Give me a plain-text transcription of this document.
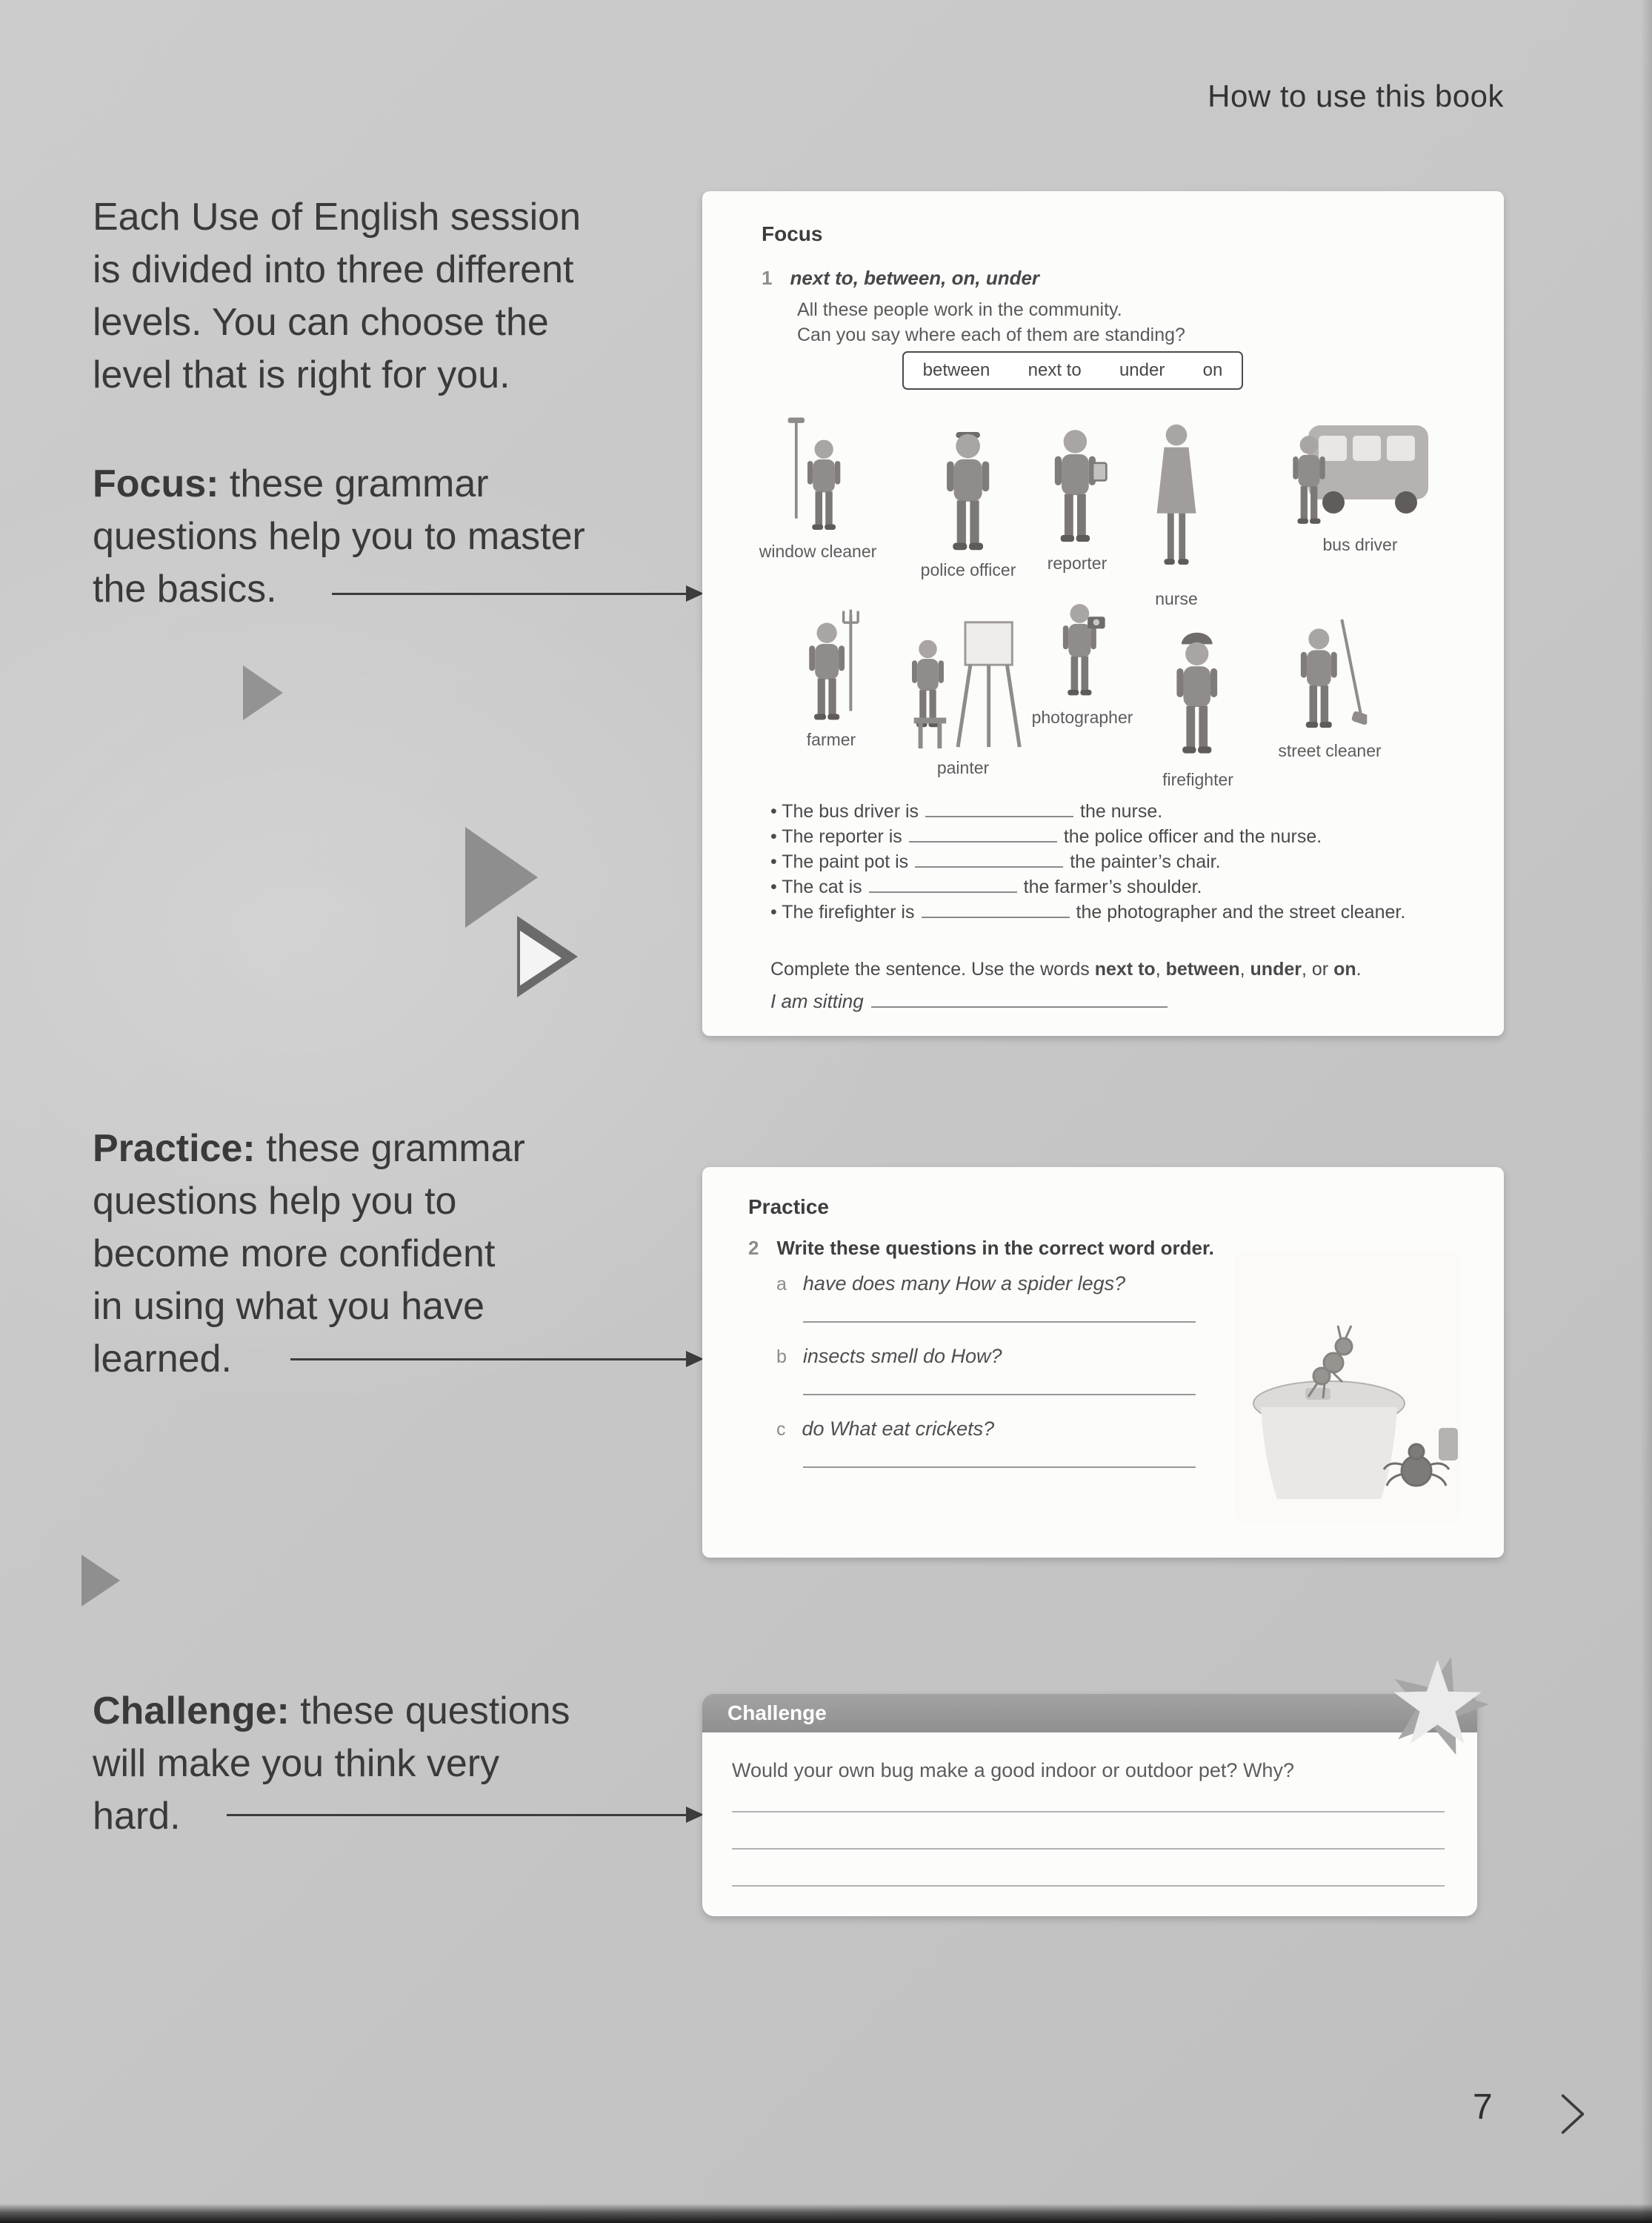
How to use this book
Each Use of English session
is divided into three different
levels. You can choose the
level that is right for you.
Focus: these grammar
questions help you to master
the basics.
Practice: these grammar
questions help you to
become more confident
in using what you have
learned.
Challenge: these questions
will make you think very
hard.
Focus
1 next to, between, on, under
All these people work in the community.
Can you say where each of them are standing?
between next to under on
window cleaner
police officer reporter
nurse
bus driver
farmer
painter
photographer
firefighter
street cleaner
• The bus driver is	the nurse.
• The reporter is	the police officer and the nurse.
• The paint pot is	the painter’s chair.
• The cat is	the farmer’s shoulder.
• The firefighter is	the photographer and the street cleaner.

Complete the sentence. Use the words next to, between, under, or on.

I am sitting

Practice
2 Write these questions in the correct word order.
a have does many How a spider legs?
b insects smell do How?
c do What eat crickets?
Challenge
Would your own bug make a good indoor or outdoor pet? Why?
7
